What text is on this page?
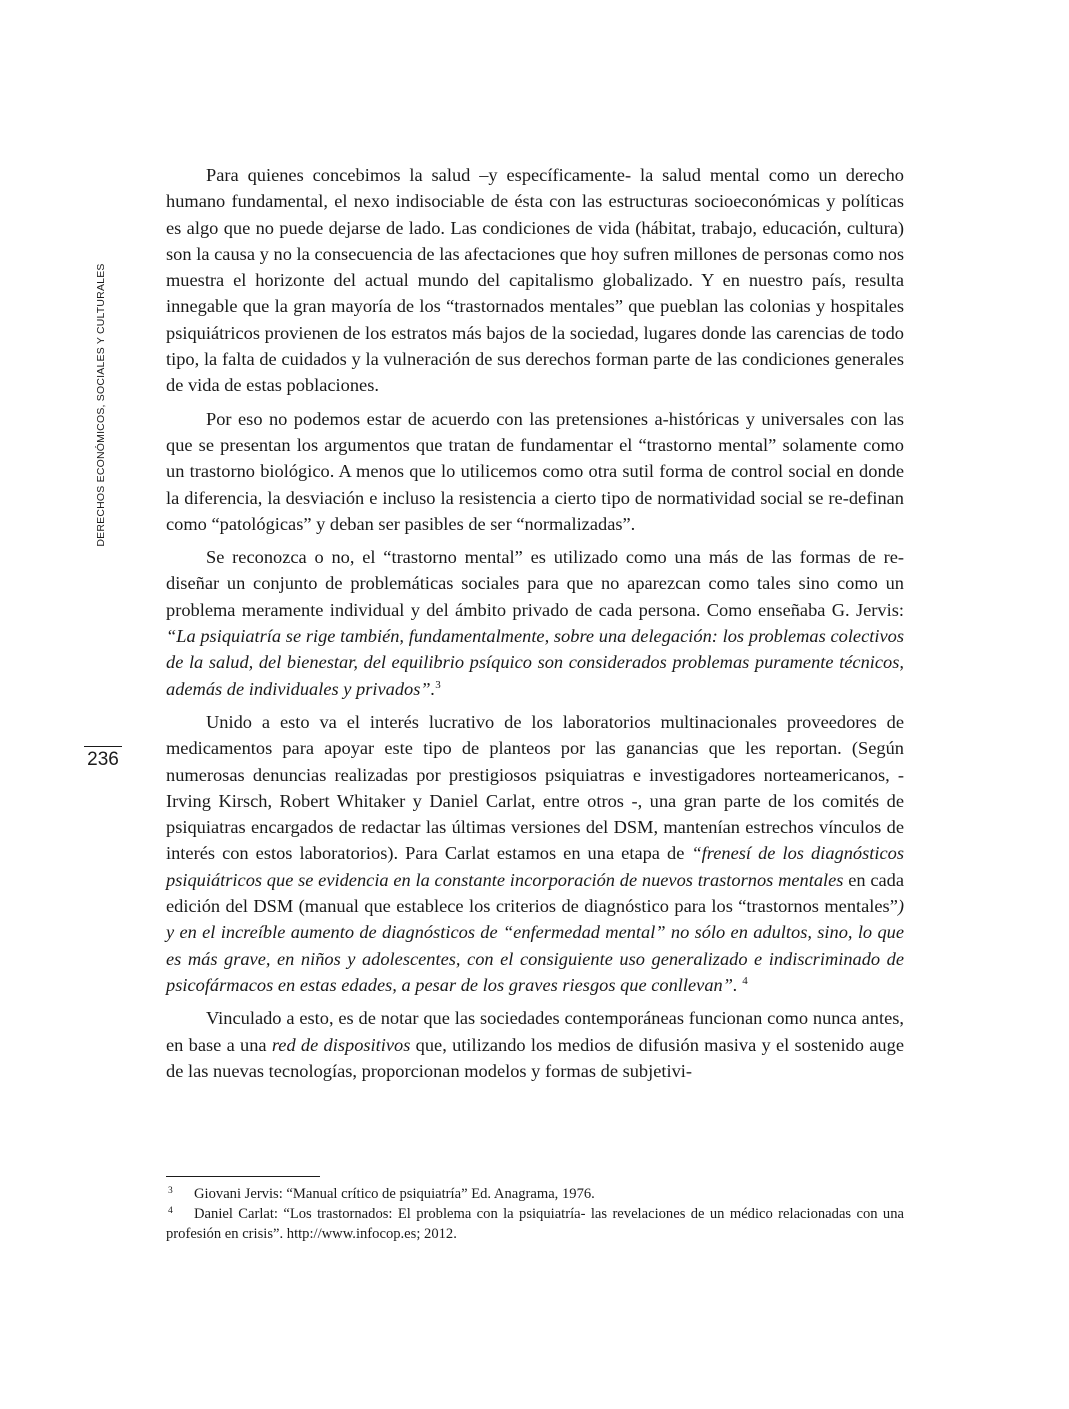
DERECHOS ECONÓMICOS, SOCIALES Y CULTURALES
236

Para quienes concebimos la salud –y específicamente- la salud mental como un derecho humano fundamental, el nexo indisociable de ésta con las estructuras socioeconómicas y políticas es algo que no puede dejarse de lado. Las condiciones de vida (hábitat, trabajo, educación, cultura) son la causa y no la consecuencia de las afectaciones que hoy sufren millones de personas como nos muestra el horizonte del actual mundo del capitalismo globalizado. Y en nuestro país, resulta innegable que la gran mayoría de los “trastornados mentales” que pueblan las colonias y hospitales psiquiátricos provienen de los estratos más bajos de la sociedad, lugares donde las carencias de todo tipo, la falta de cuidados y la vulneración de sus derechos forman parte de las condiciones generales de vida de estas poblaciones.

Por eso no podemos estar de acuerdo con las pretensiones a-históricas y universales con las que se presentan los argumentos que tratan de fundamentar el “trastorno mental” solamente como un trastorno biológico. A menos que lo utilicemos como otra sutil forma de control social en donde la diferencia, la desviación e incluso la resistencia a cierto tipo de normatividad social se re-definan como “patológicas” y deban ser pasibles de ser “normalizadas”.

Se reconozca o no, el “trastorno mental” es utilizado como una más de las formas de re-diseñar un conjunto de problemáticas sociales para que no aparezcan como tales sino como un problema meramente individual y del ámbito privado de cada persona. Como enseñaba G. Jervis: “La psiquiatría se rige también, fundamentalmente, sobre una delegación: los problemas colectivos de la salud, del bienestar, del equilibrio psíquico son considerados problemas puramente técnicos, además de individuales y privados”.$^3$

Unido a esto va el interés lucrativo de los laboratorios multinacionales proveedores de medicamentos para apoyar este tipo de planteos por las ganancias que les reportan. (Según numerosas denuncias realizadas por prestigiosos psiquiatras e investigadores norteamericanos, - Irving Kirsch, Robert Whitaker y Daniel Carlat, entre otros -, una gran parte de los comités de psiquiatras encargados de redactar las últimas versiones del DSM, mantenían estrechos vínculos de interés con estos laboratorios). Para Carlat estamos en una etapa de “frenesí de los diagnósticos psiquiátricos que se evidencia en la constante incorporación de nuevos trastornos mentales en cada edición del DSM (manual que establece los criterios de diagnóstico para los “trastornos mentales”) y en el increíble aumento de diagnósticos de “enfermedad mental” no sólo en adultos, sino, lo que es más grave, en niños y adolescentes, con el consiguiente uso generalizado e indiscriminado de psicofármacos en estas edades, a pesar de los graves riesgos que conllevan”. $^4$

Vinculado a esto, es de notar que las sociedades contemporáneas funcionan como nunca antes, en base a una red de dispositivos que, utilizando los medios de difusión masiva y el sostenido auge de las nuevas tecnologías, proporcionan modelos y formas de subjetivi-

3 Giovani Jervis: “Manual crítico de psiquiatría” Ed. Anagrama, 1976.
4 Daniel Carlat: “Los trastornados: El problema con la psiquiatría- las revelaciones de un médico relacionadas con una profesión en crisis”. http://www.infocop.es; 2012.
